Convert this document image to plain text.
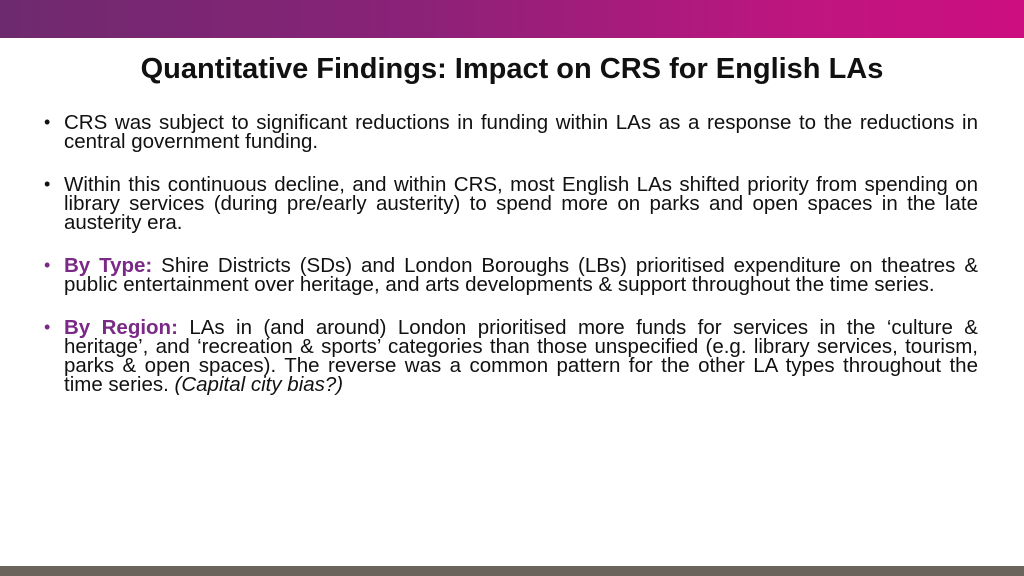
Quantitative Findings: Impact on CRS for English LAs
• CRS was subject to significant reductions in funding within LAs as a response to the reductions in central government funding.
• Within this continuous decline, and within CRS, most English LAs shifted priority from spending on library services (during pre/early austerity) to spend more on parks and open spaces in the late austerity era.
• By Type: Shire Districts (SDs) and London Boroughs (LBs) prioritised expenditure on theatres & public entertainment over heritage, and arts developments & support throughout the time series.
• By Region: LAs in (and around) London prioritised more funds for services in the ‘culture & heritage’, and ‘recreation & sports’ categories than those unspecified (e.g. library services, tourism, parks & open spaces). The reverse was a common pattern for the other LA types throughout the time series. (Capital city bias?)
